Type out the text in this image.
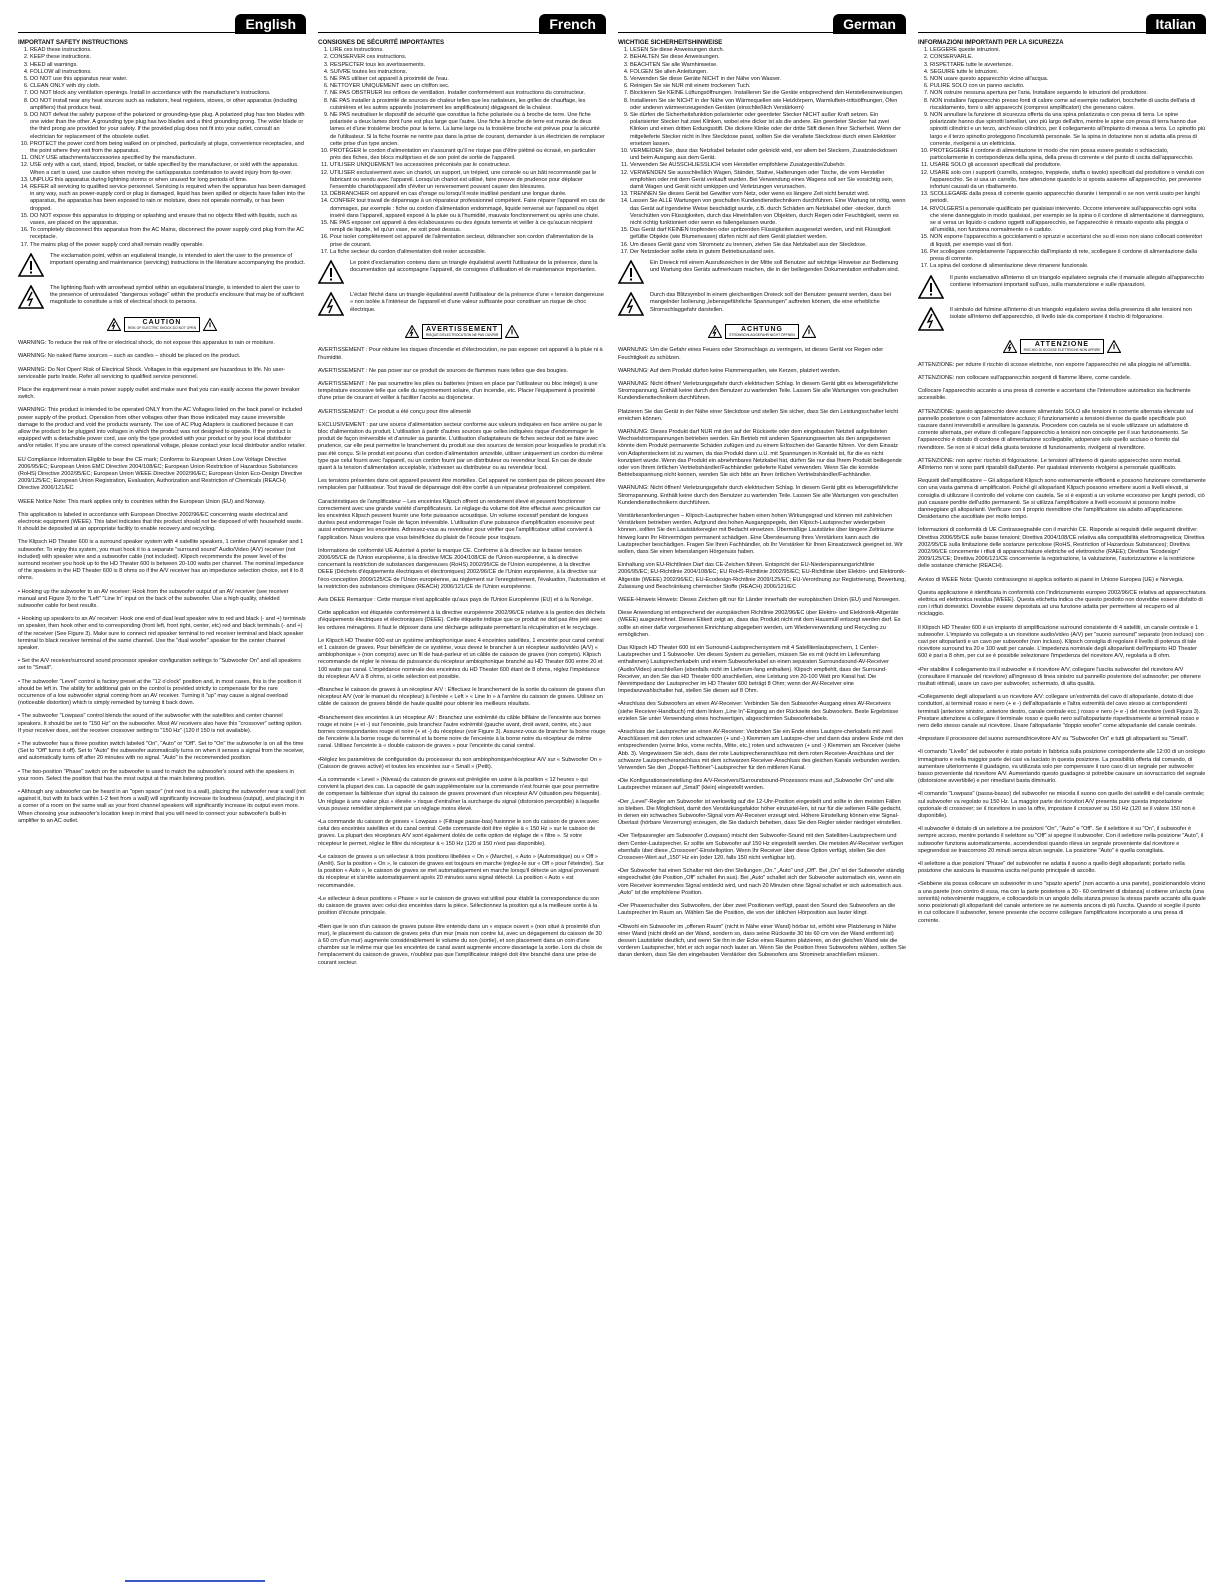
English
IMPORTANT SAFETY INSTRUCTIONS
1. READ these instructions.
2. KEEP these instructions.
3. HEED all warnings.
4. FOLLOW all instructions.
5. DO NOT use this apparatus near water.
6. CLEAN ONLY with dry cloth.
7. DO NOT block any ventilation openings. Install in accordance with the manufacturer's instructions.
8. DO NOT install near any heat sources such as radiators, heat registers, stoves, or other apparatus (including amplifiers) that produce heat.
9. DO NOT defeat the safety purpose of the polarized or grounding-type plug. A polarized plug has two blades with one wider than the other. A grounding type plug has two blades and a third grounding prong. The wider blade or the third prong are provided for your safety. If the provided plug does not fit into your outlet, consult an electrician for replacement of the obsolete outlet.
10. PROTECT the power cord from being walked on or pinched, particularly at plugs, convenience receptacles, and the point where they exit from the apparatus.
11. ONLY USE attachments/accessories specified by the manufacturer.
12. USE only with a cart, stand, tripod, bracket, or table specified by the manufacturer, or sold with the apparatus. When a cart is used, use caution when moving the cart/apparatus combination to avoid injury from tip-over.
13. UNPLUG this apparatus during lightning storms or when unused for long periods of time.
14. REFER all servicing to qualified service personnel. Servicing is required when the apparatus has been damaged in any way, such as power-supply cord or plug is damaged, liquid has been spilled or objects have fallen into the apparatus, the apparatus has been exposed to rain or moisture, does not operate normally, or has been dropped.
15. DO NOT expose this apparatus to dripping or splashing and ensure that no objects filled with liquids, such as vases, are placed on the apparatus.
16. To completely disconnect this apparatus from the AC Mains, disconnect the power supply cord plug from the AC receptacle.
17. The mains plug of the power supply cord shall remain readily operable.
The exclamation point, within an equilateral triangle, is intended to alert the user to the presence of important operating and maintenance (servicing) instructions in the literature accompanying the product.
The lightning flash with arrowhead symbol within an equilateral triangle, is intended to alert the user to the presence of uninsulated "dangerous voltage" within the product's enclosure that may be of sufficient magnitude to constitute a risk of electrical shock to persons.
CAUTION
RISK OF ELECTRIC SHOCK DO NOT OPEN
WARNING: To reduce the risk of fire or electrical shock, do not expose this apparatus to rain or moisture.
WARNING: No naked flame sources – such as candles – should be placed on the product.
WARNING: Do Not Open! Risk of Electrical Shock. Voltages in this equipment are hazardous to life. No user-serviceable parts inside. Refer all servicing to qualified service personnel.
Place the equipment near a main power supply outlet and make sure that you can easily access the power breaker switch.
WARNING: This product is intended to be operated ONLY from the AC Voltages listed on the back panel or included power supply of the product. Operation from other voltages other than those indicated may cause irreversible damage to the product and void the products warranty. The use of AC Plug Adapters is cautioned because it can allow the product to be plugged into voltages in which the product was not designed to operate. If the product is equipped with a detachable power cord, use only the type provided with your product or by your local distributor and/or retailer. If you are unsure of the correct operational voltage, please contact your local distributor and/or retailer.
EU Compliance Information Eligible to bear the CE mark; Conforms to European Union Low Voltage Directive 2006/95/EC; European Union EMC Directive 2004/108/EC; European Union Restriction of Hazardous Substances (RoHS) Directive 2002/95/EC; European Union WEEE Directive 2002/96/EC; European Union Eco-Design Directive 2009/125/EC; European Union Registration, Evaluation, Authorization and Restriction of Chemicals (REACH) Directive 2006/121/EC
WEEE Notice Note: This mark applies only to countries within the European Union (EU) and Norway.
This application is labeled in accordance with European Directive 2002/96/EC concerning waste electrical and electronic equipment (WEEE). This label indicates that this product should not be disposed of with household waste. It should be deposited at an appropriate facility to enable recovery and recycling.
The Klipsch HD Theater 600 is a surround speaker system with 4 satellite speakers, 1 center channel speaker and 1 subwoofer. To enjoy this system, you must hook it to a separate "surround sound" Audio/Video (A/V) receiver (not included) with speaker wire and a subwoofer cable (not included). Klipsch recommends the power level of the surround receiver you hook up to the HD Theater 600 is between 20-100 watts per channel. The nominal impedance of the speakers in the HD Theater 600 is 8 ohms so if the A/V receiver has an impedance selection choice, set it to 8 ohms.
• Hooking up the subwoofer to an AV receiver: Hook from the subwoofer output of an AV receiver (see receiver manual and Figure 3) to the "Left" "Line In" input on the back of the subwoofer. Use a high quality, shielded subwoofer cable for best results.
• Hooking up speakers to an AV receiver: Hook one end of dual lead speaker wire to red and black (- and +) terminals on speaker, then hook other end to corresponding (front left, front right, center, etc) red and black terminals (- and +) of the receiver (See Figure 3). Make sure to connect red speaker terminal to red receiver terminal and black speaker terminal to black receiver terminal of the same channel. Use the "dual woofer" speaker for the center channel speaker.
• Set the A/V receiver/surround sound processor speaker configuration settings to "Subwoofer On" and all speakers set to "Small".
• The subwoofer "Level" control is factory preset at the "12 o'clock" position and, in most cases, this is the position it should be left in. The ability for additional gain on the control is provided strictly to compensate for the rare occurrence of a low subwoofer signal coming from an AV receiver. Turning it "up" may cause a signal overload (noticeable distortion) which is simply remedied by turning it back down.
• The subwoofer "Lowpass" control blends the sound of the subwoofer with the satellites and center channel speakers. It should be set to "150 Hz" on the subwoofer. Most AV receivers also have this "crossover" setting option. If your receiver does, set the receiver crossover setting to "150 Hz" (120 if 150 is not available).
• The subwoofer has a three position switch labeled "On", "Auto" or "Off". Set to "On" the subwoofer is on all the time (Set to "Off" turns it off). Set to "Auto" the subwoofer automatically turns on when it senses a signal from the receiver, and automatically turns off after 20 minutes with no signal. "Auto" is the recommended position.
• The two-position "Phase" switch on the subwoofer is used to match the subwoofer's sound with the speakers in your room. Select the position that has the most output at the main listening position.
• Although any subwoofer can be heard in an "open space" (not next to a wall), placing the subwoofer near a wall (not against it, but with its back within 1-2 feet from a wall) will significantly increase its loudness (output), and placing it in a corner of a room on the same wall as your front channel speakers will significantly increase its output even more. When choosing your subwoofer's location keep in mind that you will need to connect your subwoofer's built-in amplifier to an AC outlet.
French
CONSIGNES DE SÉCURITÉ IMPORTANTES
1. LIRE ces instructions.
2. CONSERVER ces instructions.
3. RESPECTER tous les avertissements.
4. SUIVRE toutes les instructions.
5. NE PAS utiliser cet appareil à proximité de l'eau.
6. NETTOYER UNIQUEMENT avec un chiffon sec.
7. NE PAS OBSTRUER les orifices de ventilation. Installer conformément aux instructions du constructeur.
8. NE PAS installer à proximité de sources de chaleur telles que les radiateurs, les grilles de chauffage, les cuisinières et les autres appareils (notamment les amplificateurs) dégageant de la chaleur.
9. NE PAS neutraliser le dispositif de sécurité que constitue la fiche polarisée ou à broche de terre. Une fiche polarisée a deux lames dont l'une est plus large que l'autre. Une fiche à broche de terre est munie de deux lames et d'une troisième broche pour la terre. La lame large ou la troisième broche est prévue pour la sécurité de l'utilisateur. Si la fiche fournie ne rentre pas dans la prise de courant, demander à un électricien de remplacer cette prise d'un type ancien.
10. PROTÉGER le cordon d'alimentation en s'assurant qu'il ne risque pas d'être piétiné ou écrasé, en particulier près des fiches, des blocs multiprises et de son point de sortie de l'appareil.
11. UTILISER UNIQUEMENT les accessoires préconisés par le constructeur.
12. UTILISER exclusivement avec un chariot, un support, un trépied, une console ou un bâti recommandé par le fabricant ou vendu avec l'appareil. Lorsqu'un chariot est utilisé, faire preuve de prudence pour déplacer l'ensemble chariot/appareil afin d'éviter un renversement pouvant causer des blessures.
13. DÉBRANCHER cet appareil en cas d'orage ou lorsqu'il reste inutilisé pendant une longue durée.
14. CONFIER tout travail de dépannage à un réparateur professionnel compétent. Faire réparer l'appareil en cas de dommages, par exemple : fiche ou cordon d'alimentation endommagé, liquide renversé sur l'appareil ou objet inséré dans l'appareil, appareil exposé à la pluie ou à l'humidité, mauvais fonctionnement ou après une chute.
15. NE PAS exposer cet appareil à des éclaboussures ou des égouts tements et veiller à ce qu'aucun récipient rempli de liquide, tel qu'un vase, ne soit posé dessus.
16. Pour isoler complètement cet appareil de l'alimentation secteur, débrancher son cordon d'alimentation de la prise de courant.
17. La fiche secteur du cordon d'alimentation doit rester accessible.
Le point d'exclamation contenu dans un triangle équilatéral avertit l'utilisateur de la présence, dans la documentation qui accompagne l'appareil, de consignes d'utilisation et de maintenance importantes.
L'éclair fléché dans un triangle équilatéral avertit l'utilisateur de la présence d'une « tension dangereuse » non isolée à l'intérieur de l'appareil et d'une valeur suffisante pour constituer un risque de choc électrique.
AVERTISSEMENT
RISQUE D'ÉLECTROCUTION NE PAS OUVRIR
AVERTISSEMENT : Pour réduire les risques d'incendie et d'électrocution, ne pas exposer cet appareil à la pluie ni à l'humidité.
AVERTISSEMENT : Ne pas poser sur ce produit de sources de flammes nues telles que des bougies.
AVERTISSEMENT : Ne pas soumettre les piles ou batteries (mises en place par l'utilisateur ou bloc intégré) à une température excessive telle que celle du rayonnement solaire, d'un incendie, etc. Placer l'équipement à proximité d'une prise de courant et veiller à faciliter l'accès au disjoncteur.
AVERTISSEMENT : Ce produit a été conçu pour être alimenté
EXCLUSIVEMENT : par une source d'alimentation secteur conforme aux valeurs indiquées en face arrière ou par le bloc d'alimentation du produit. L'utilisation à partir d'autres sources que celles indiquées risque d'endommager le produit de façon irréversible et d'annuler sa garantie. L'utilisation d'adaptateurs de fiches secteur doit se faire avec prudence, car elle peut permettre le branchement du produit sur des sources de tension pour lesquelles le produit n'a pas été conçu. Si le produit est pourvu d'un cordon d'alimentation amovible, utiliser uniquement un cordon du même type que celui fourni avec l'appareil, ou un cordon fourni par un distributeur ou revendeur local. En cas de doute quant à la tension d'alimentation acceptable, s'adresser au distributeur ou au revendeur local.
Les tensions présentes dans cet appareil peuvent être mortelles. Cet appareil ne contient pas de pièces pouvant être remplacées par l'utilisateur. Tout travail de dépannage doit être confié à un réparateur professionnel compétent.
Caractéristiques de l'amplificateur – Les enceintes Klipsch offrent un rendement élevé et peuvent fonctionner correctement avec une grande variété d'amplificateurs. Le réglage du volume doit être effectué avec précaution car les enceintes Klipsch peuvent fournir une forte puissance acoustique. Un volume excessif pendant de longues durées peut endommager l'ouïe de façon irréversible. L'utilisation d'une puissance d'amplification excessive peut aussi endommager les enceintes. Adressez-vous au revendeur pour vérifier que l'amplificateur utilisé convient à l'application. Nous voulons que vous bénéficiez du plaisir de l'écoute pour toujours.
Informations de conformité UE Autorisé à porter la marque CE. Conforme à la directive sur la basse tension 2006/95/CE de l'Union européenne, à la directive MCE 2004/108/CE de l'Union européenne, à la directive concernant la restriction de substances dangereuses (RoHS) 2002/95/CE de l'Union européenne, à la directive DEEE (Déchets d'équipements électriques et électroniques) 2002/96/CE de l'Union européenne, à la directive sur l'éco-conception 2009/125/CE de l'Union européenne, au règlement sur l'enregistrement, l'évaluation, l'autorisation et la restriction des substances chimiques (REACH) 2006/121/CE de l'Union européenne.
Avis DEEE Remarque : Cette marque n'est applicable qu'aux pays de l'Union Européenne (EU) et à la Norvège.
Cette application est étiquetée conformément à la directive européenne 2002/96/CE relative à la gestion des déchets d'équipements électriques et électroniques (DEEE). Cette étiquette indique que ce produit ne doit pas être jeté avec les ordures ménagères. Il faut le déposer dans une décharge adéquate permettant la récupération et le recyclage.
Le Klipsch HD Theater 600 est un système ambiophonique avec 4 enceintes satellites, 1 enceinte pour canal central et 1 caisson de graves. Pour bénéficier de ce système, vous devez le brancher à un récepteur audio/vidéo (A/V) « ambiophonique » (non compris) avec un fil de haut-parleur et un câble de caisson de graves (non compris). Klipsch recommande de régler le niveau de puissance du récepteur ambiophonique branché au HD Theater 600 entre 20 et 100 watts par canal. L'impédance nominale des enceintes du HD Theater 600 étant de 8 ohms, réglez l'impédance du récepteur A/V à 8 ohms, si cette sélection est possible.
•Branchez le caisson de graves à un récepteur A/V : Effectuez le branchement de la sortie du caisson de graves d'un récepteur A/V (voir le manuel du récepteur) à l'entrée « Left » « Line In » à l'arrière du caisson de graves. Utilisez un câble de caisson de graves blindé de haute qualité pour obtenir les meilleurs résultats.
•Branchement des enceintes à un récepteur AV : Branchez une extrémité du câble bifilaire de l'enceinte aux bornes rouge et noire (+ et -) sur l'enceinte, puis branchez l'autre extrémité (gauche avant, droit avant, centre, etc.) aux bornes correspondantes rouge et noire (+ et -) du récepteur (voir Figure 3). Assurez-vous de brancher la borne rouge de l'enceinte à la borne rouge du terminal et la borne noire de l'enceinte à la borne noire du récepteur de même canal. Utilisez l'enceinte à « double caisson de graves » pour l'enceinte du canal central.
•Réglez les paramètres de configuration du processeur du son ambiophonique/récepteur A/V sur « Subwoofer On » (Caisson de graves activé) et toutes les enceintes sur « Small » (Petit).
•La commande « Level » (Niveau) du caisson de graves est préréglée en usine à la position « 12 heures » qui convient la plupart des cas. La capacité de gain supplémentaire sur la commande n'est fournie que pour permettre de compenser la faiblesse d'un signal du caisson de graves provenant d'un récepteur A/V (situation peu fréquente). Un réglage à une valeur plus « élevée » risque d'entraîner la surcharge du signal (distorsion perceptible) à laquelle vous pouvez remédier simplement par un réglage moins élevé.
•La commande du caisson de graves « Lowpass » (Filtrage passe-bas) fusionne le son du caisson de graves avec celui des enceintes satellites et du canal central. Cette commande doit être réglée à « 150 Hz » sur le caisson de graves. La plupart des récepteurs A/V sont également dotés de cette option de réglage de « filtre ». Si votre récepteur le permet, réglez le filtre du récepteur à « 150 Hz (120 si 150 n'est pas disponible).
•Le caisson de graves a un sélecteur à trois positions libellées « On » (Marche), « Auto » (Automatique) ou « Off » (Arrêt). Sur la position « On », le caisson de graves est toujours en marche (réglez-le sur « Off » pour l'éteindre). Sur la position « Auto », le caisson de graves se met automatiquement en marche lorsqu'il détecte un signal provenant du récepteur et s'arrête automatiquement après 20 minutes sans signal détecté. La position « Auto » est recommandée.
•Le sélecteur à deux positions « Phase » sur le caisson de graves est utilisé pour établir la correspondance du son du caisson de graves avec celui des enceintes dans la pièce. Sélectionnez la position qui a la meilleure sortie à la position d'écoute principale.
•Bien que le son d'un caisson de graves puisse être entendu dans un « espace ouvert » (non situé à proximité d'un mur), le placement du caisson de graves près d'un mur (mais non contre lui, avec un dégagement du caisson de 30 à 60 cm d'un mur) augmente considérablement le volume du son (sortie), et son placement dans un coin d'une chambre sur le même mur que les enceintes de canal avant augmente encore davantage la sortie. Lors du choix de l'emplacement du caisson de graves, n'oubliez pas que l'amplificateur intégré doit être branché dans une prise de courant secteur.
German
WICHTIGE SICHERHEITSHINWEISE
1. LESEN Sie diese Anweisungen durch.
2. BEHALTEN Sie diese Anweisungen.
3. BEACHTEN Sie alle Warnhinweise.
4. FOLGEN Sie allen Anleitungen.
5. Verwenden Sie diese Geräte NICHT in der Nähe von Wasser.
6. Reinigen Sie sie NUR mit einem trockenen Tuch.
7. Blockieren Sie KEINE Lüftungsöffnungen. Installieren Sie die Geräte entsprechend den Herstelleranweisungen.
8. Installieren Sie sie NICHT in der Nähe von Wärmequellen wie Heizkörpern, Warmluftein-trittsöffnungen, Öfen oder anderen wärmeerzeugenden Geräten (einschließlich Verstärkern)
9. Sie dürfen die Sicherheitsfunktion polarisierter oder geerdeter Stecker NICHT außer Kraft setzen. Ein polarisierter Stecker hat zwei Klinken, wobei eine dicker ist als die andere. Ein geerdeter Stecker hat zwei Klinken und einen dritten Erdungsstift. Die dickere Klinke oder der dritte Stift dienen Ihrer Sicherheit. Wenn der mitgelieferte Stecker nicht in Ihre Steckdose passt, sollten Sie die veraltete Steckdose durch einen Elektriker ersetzen lassen.
10. VERMEIDEN Sie, dass das Netzkabel belastet oder geknickt wird, vor allem bei Steckern, Zusatzsteckdosen und beim Ausgang aus dem Gerät.
11. Verwenden Sie AUSSCHLIESSLICH vom Hersteller empfohlene Zusatzgeräte/Zubehör.
12. VERWENDEN Sie ausschließlich Wagen, Ständer, Stative, Halterungen oder Tische, die vom Hersteller empfohlen oder mit dem Gerät verkauft wurden. Bei Verwendung eines Wagens soll ser Sie vorsichtig sein, damit Wagen und Gerät nicht umkippen und Verletzungen verursachen.
13. TRENNEN Sie dieses Gerät bei Gewitter vom Netz, oder wenn es längere Zeit nicht benutzt wird.
14. Lassen Sie ALLE Wartungen von geschulten Kundendiensttechnikern durchführen. Eine Wartung ist nötig, wenn das Gerät auf irgendeine Weise beschädigt wurde, z.B. durch Schäden am Netzkabel oder -stecker, durch Verschütten von Flüssigkeiten, durch das Hineinfallen von Objekten, durch Regen oder Feuchtigkeit, wenn es nicht richtig funktioniert oder wenn es fallengelassen wurde.
15. Das Gerät darf KEINEN tropfenden oder spritzenden Flüssigkeiten ausgesetzt werden, und mit Flüssigkeit gefüllte Objekte (wie Blumenvasen) dürfen nicht auf dem Gerät platziert werden.
16. Um dieses Gerät ganz vom Stromnetz zu trennen, ziehen Sie das Netzkabel aus der Steckdose.
17. Der Netzstecker sollte stets in gutem Betriebszustand sein.
Ein Dreieck mit einem Ausrufezeichen in der Mitte soll Benutzer auf wichtige Hinweise zur Bedienung und Wartung des Geräts aufmerksam machen, die in der beiliegenden Dokumentation enthalten sind.
Durch das Blitzsymbol in einem gleichseitigen Dreieck soll der Benutzer gewarnt werden, dass bei mangelnder Isolierung „lebensgefährliche Spannungen" auftreten können, die eine erhebliche Stromschlaggefahr darstellen.
ACHTUNG
STROMSCHLAGGEFAHR NICHT ÖFFNEN
WARNUNG: Um die Gefahr eines Feuers oder Stromschlags zu verringern, ist dieses Gerät vor Regen oder Feuchtigkeit zu schützen.
WARNUNG: Auf dem Produkt dürfen keine Flammenquellen, wie Kerzen, platziert werden.
WARNUNG: Nicht öffnen! Verletzungsgefahr durch elektrischen Schlag. In diesem Gerät gibt es lebensgefährliche Stromspannung. Enthält keine durch den Benutzer zu wartenden Teile. Lassen Sie alle Wartungen von geschulten Kundendiensttechnikern durchführen.
Platzieren Sie das Gerät in der Nähe einer Steckdose und stellen Sie sicher, dass Sie den Leistungsschalter leicht erreichen können.
WARNUNG: Dieses Produkt darf NUR mit den auf der Rückseite oder dem eingebauten Netzteil aufgelisteten Wechselstromspannungen betrieben werden. Ein Betrieb mit anderen Spannungswerten als den angegebenen könnte dem Produkt permanente Schäden zufügen und zu einem Erlöschen der Garantie führen. Vor dem Einsatz von Adaptersteckern ist zu warnen, da das Produkt dann u.U. mit Spannungen in Kontakt ist, für die es nicht konzipiert wurde. Wenn das Produkt ein abnehmbares Netzkabel hat, dürfen Sie nur das Ihrem Produkt beiliegende oder von Ihrem örtlichen Vertriebshändler/Fachhändler gelieferte Kabel verwenden. Wenn Sie die korrekte Betriebsspannung nicht kennen, wenden Sie sich bitte an Ihren örtlichen Vertriebshändler/Fachhändler.
WARNUNG: Nicht öffnen! Verletzungsgefahr durch elektrischen Schlag. In diesem Gerät gibt es lebensgefährliche Stromspannung. Enthält keine durch den Benutzer zu wartenden Teile. Lassen Sie alle Wartungen von geschulten Kundendiensttechnikern durchführen.
Verstärkeranforderungen – Klipsch-Lautsprecher haben einen hohen Wirkungsgrad und können mit zahlreichen Verstärkern betrieben werden. Aufgrund des hohen Ausgangspegels, den Klipsch-Lautsprecher wiedergeben können, sollten Sie den Lautstärkeregler mit Bedacht einsetzen. Übermäßige Lautstärke über längere Zeiträume hinweg kann Ihr Hörvermögen permanent schädigen. Eine Übersteuerung Ihres Verstärkers kann auch die Lautsprecher beschädigen. Fragen Sie Ihren Fachhändler, ob Ihr Verstärker für Ihren Einsatzzweck geeignet ist. Wir wollen, dass Sie einen lebenslangen Hörgenuss haben.
Einhaltung von EU-Richtlinien Darf das CE-Zeichen führen. Entspricht der EU-Niederspannungsrichtlinie 2006/95/EC; EU-Richtlinie 2004/108/EC; EU RoHS-Richtlinie 2002/95/EC; EU-Richtlinie über Elektro- und Elektronik-Altgeräte (WEEE) 2002/96/EC; EU-Ecodesign-Richtlinie 2009/125/EC; EU-Verordnung zur Registrierung, Bewertung, Zulassung und Beschränkung chemischer Stoffe (REACH) 2006/121/EC
WEEE-Hinweis Hinweis: Dieses Zeichen gilt nur für Länder innerhalb der europäischen Union (EU) und Norwegen.
Diese Anwendung ist entsprechend der europäischen Richtlinie 2002/96/EC über Elektro- und Elektronik-Altgeräte (WEEE) ausgezeichnet. Dieses Etikett zeigt an, dass das Produkt nicht mit dem Hausmüll entsorgt werden darf. Es sollte an einer dafür vorgesehenen Einrichtung abgegeben werden, um Wiederverwendung und Recycling zu ermöglichen.
Das Klipsch HD Theater 600 ist ein Surround-Lautsprechersystem mit 4 Satellitenlautsprechern, 1 Center-Lautsprecher und 1 Subwoofer. Um dieses System zu genießen, müssen Sie es mit (nicht im Lieferumfang enthaltenen) Lautsprecherkabeln und einem Subwooferkabel an einen separaten Surroundsound-AV-Receiver (Audio/Video) anschließen (ebenfalls nicht im Lieferum-fang enthalten). Klipsch empfiehlt, dass der Surround-Receiver, an den Sie das HD Theater 600 anschließen, eine Leistung von 20-100 Watt pro Kanal hat. Die Nennimpedanz der Lautsprecher im HD Theater 600 beträgt 8 Ohm; wenn der AV-Receiver eine Impedanzwahlschalter hat, stellen Sie diesen auf 8 Ohm.
•Anschluss des Subwoofers an einen AV-Receiver: Verbinden Sie den Subwoofer-Ausgang eines AV-Receivers (siehe Receiver-Handbuch) mit dem linken „Line In"-Eingang an der Rückseite des Subwoofers. Beste Ergebnisse erzielen Sie unter Verwendung eines hochwertigen, abgeschirmten Subwooferkabels.
•Anschluss der Lautsprecher an einen AV-Receiver: Verbinden Sie ein Ende eines Lautspre-cherkabels mit zwei Anschlüssen mit den roten und schwarzen (+ und -) Klemmen am Lautspre-cher und dann das andere Ende mit den entsprechenden (vorne links, vorne rechts, Mitte, etc.) roten und schwarzen (+ und -) Klemmen am Receiver (siehe Abb. 3). Vergewissern Sie sich, dass der rote Lautsprecheranschluss mit dem roten Receiver-Anschluss und der schwarze Lautsprecheranschluss mit dem schwarzen Receiver-Anschluss des gleichen Kanals verbunden werden. Verwenden Sie den „Doppel-Tieftöner"-Lautsprecher für den mittleren Kanal.
•Die Konfigurationseinstellung des A/V-Receivers/Surroundsound-Prozessors muss auf „Subwoofer On" und alle Lautsprecher müssen auf „Small" (klein) eingestellt werden.
•Der „Level"-Regler am Subwoofer ist werkseitig auf die 12-Uhr-Position eingestellt und sollte in den meisten Fällen so bleiben. Die Möglichkeit, damit den Verstärkungsfaktor höher einzustel-len, ist nur für die seltenen Fälle gedacht, in denen ein schwaches Subwoofer-Signal vom AV-Receiver erzeugt wird. Höhere Einstellung können eine Signal-Überlast (hörbare Verzerrung) erzeugen, die Sie dadurch beheben, dass Sie den Regler wieder niedriger einstellen.
•Der Tiefpassregler am Subwoofer (Lowpass) mischt den Subwoofer-Sound mit den Satelliten-Lautsprechern und dem Center-Lautsprecher. Er sollte am Subwoofer auf 150 Hz eingestellt werden. Die meisten AV-Receiver verfügen ebenfalls über diese „Crossover"-Einstelloption. Wenn Ihr Receiver über diese Option verfügt, stellen Sie den Crossover-Wert auf „150" Hz ein (oder 120, falls 150 nicht verfügbar ist).
•Der Subwoofer hat einen Schalter mit den drei Stellungen „On." „Auto" und „Off". Bei „On" ist der Subwoofer ständig eingeschaltet (die Position „Off" schaltet ihn aus). Bei „Auto" schaltet sich der Subwoofer automatisch ein, wenn ein vom Receiver kommendes Signal entdeckt wird, und nach 20 Minuten ohne Signal schaltet er sich automatisch aus. „Auto" ist die empfohlene Position.
•Der Phasenschalter des Subwoofers, der über zwei Positionen verfügt, passt den Sound des Subwoofers an die Lautsprecher im Raum an. Wählen Sie die Position, die von der üblichen Hörposition aus lauter klingt.
•Obwohl ein Subwoofer im „offenen Raum" (nicht in Nähe einer Wand) hörbar ist, erhöht eine Platzierung in Nähe einer Wand (nicht direkt an der Wand, sondern so, dass seine Rückseite 30 bis 60 cm von der Wand entfernt ist) dessen Lautstärke deutlich, und wenn Sie ihn in der Ecke eines Raumes platzieren, an der gleichen Wand wie die vorderen Lautsprecher, hört er sich sogar noch lauter an. Wenn Sie die Position Ihres Subwoofers wählen, sollten Sie daran denken, dass Sie den eingebauten Verstärker des Subwoofers ans Stromnetz anschließen müssen.
Italian
INFORMAZIONI IMPORTANTI PER LA SICUREZZA
1. LEGGERE queste istruzioni.
2. CONSERVARLE.
3. RISPETTARE tutte le avvertenze.
4. SEGUIRE tutte le istruzioni.
5. NON usare questo apparecchio vicino all'acqua.
6. PULIRE SOLO con un panno asciutto.
7. NON ostruire nessuna apertura per l'aria. Installare seguendo le istruzioni del produttore.
8. NON installare l'apparecchio presso fonti di calore come ad esempio radiatori, bocchette di uscita dell'aria di riscaldamento, forni o altri apparecchi (compresi amplificatori) che generano calore.
9. NON annullare la funzione di sicurezza offerta da una spina polarizzata o con presa di terra. Le spine polarizzate hanno due spinotti lamellari, uno più largo dell'altro, mentre le spine con presa di terra hanno due spinotti cilindrici e un terzo, anch'esso cilindrico, per il collegamento all'impianto di messa a terra. Lo spinotto più largo e il terzo spinotto proteggono l'incolumità personale. Se la spina in dotazione non si adatta alla presa di corrente, rivolgersi a un elettricista.
10. PROTEGGERE il cordone di alimentazione in modo che non possa essere pestato o schiacciato, particolarmente in corrispondenza della spina, della presa di corrente e del punto di uscita dall'apparecchio.
11. USARE SOLO gli accessori specificati dal produttore.
12. USARE solo con i supporti (carrello, sostegno, treppiede, staffa o tavolo) specificati dal produttore o venduti con l'apparecchio. Se si usa un carrello, fare attenzione quando lo si sposta assieme all'apparecchio, per prevenire infortuni causati da un ribaltamento.
13. SCOLLEGARE dalla presa di corrente questo apparecchio durante i temporali o se non verrà usato per lunghi periodi.
14. RIVOLGERSI a personale qualificato per qualsiasi intervento. Occorre intervenire sull'apparecchio ogni volta che viene danneggiato in modo qualsiasi, per esempio se la spina o il cordone di alimentazione si danneggiano, se si versa un liquido o cadono oggetti sull'apparecchio, se l'apparecchio è rimasto esposto alla pioggia o all'umidità, non funziona normalmente o è caduto.
15. NON esporre l'apparecchio a gocciolamenti o spruzzi e accertarsi che su di esso non siano collocati contenitori di liquidi, per esempio vasi di fiori.
16. Per scollegare completamente l'apparecchio dall'impianto di rete, scollegare il cordone di alimentazione dalla presa di corrente.
17. La spina del cordone di alimentazione deve rimanere funzionale.
Il punto esclamativo all'interno di un triangolo equilatero segnala che il manuale allegato all'apparecchio contiene informazioni importanti sull'uso, sulla manutenzione e sulle riparazioni.
Il simbolo del fulmine all'interno di un triangolo equilatero avvisa della presenza di alte tensioni non isolate all'interno dell'apparecchio, di livello tale da comportare il rischio di folgorazione.
ATTENZIONE
RISCHIO DI SCOSSE ELETTRICHE NON APRIRE
ATTENZIONE: per ridurre il rischio di scosse elettriche, non esporre l'apparecchio né alla pioggia né all'umidità.
ATTENZIONE: non collocare sull'apparecchio sorgenti di fiamme libere, come candele.
Collocare l'apparecchio accanto a una presa di corrente e accertarsi che l'interruttore automatico sia facilmente accessibile.
ATTENZIONE: questo apparecchio deve essere alimentato SOLO alle tensioni in corrente alternata elencate sul pannello posteriore o con l'alimentatore accluso; il funzionamento a tensioni diverse da quelle specificate può causare danni irreversibili e annullare la garanzia. Procedere con cautela se si vuole utilizzare un adattatore di corrente alternata, per evitare di collegare l'apparecchio a tensioni non concepite per il suo funzionamento. Se l'apparecchio è dotato di cordone di alimentazione scollegabile, adoperare solo quello accluso o fornito dal rivenditore. Se non si è sicuri della giusta tensione di funzionamento, rivolgersi al rivenditore.
ATTENZIONE: non aprire: rischio di folgorazione. Le tensioni all'interno di questo apparecchio sono mortali. All'interno non vi sono parti riparabili dall'utente. Per qualsiasi intervento rivolgersi a personale qualificato.
Requisiti dell'amplificatore – Gli altoparlanti Klipsch sono estremamente efficienti e possono funzionare correttamente con una vasta gamma di amplificatori. Poiché gli altoparlanti Klipsch possono emettere suoni a livelli elevati, si consiglia di utilizzare il controllo del volume con cautela. Se si è esposti a un volume eccessivo per lunghi periodi, ciò può causare perdite dell'udito permanenti. Se si utilizza l'amplificatore a livelli eccessivi si possono inoltre danneggiare gli altoparlanti. Verificare con il proprio rivenditore che l'amplificatore sia adatto all'applicazione. Desideriamo che ascoltiate per molto tempo.
Informazioni di conformità di UE Contrassegnabile con il marchio CE. Risponde ai requisiti delle seguenti direttive: Direttiva 2006/95/CE sulle basse tensioni; Direttiva 2004/108/CE relativa alla compatibilità elettromagnetica; Direttiva 2002/95/CE sulla limitazione delle sostanze pericolose (RoHS, Restriction of Hazardous Substances); Direttiva 2002/96/CE concernente i rifiuti di apparecchiature elettriche ed elettroniche (RAEE); Direttiva "Ecodesign" 2009/125/CE; Direttiva 2006/121/CE concernente la registrazione, la valutazione, l'autorizzazione e la restrizione delle sostanze chimiche (REACH).
Avviso di WEEE Nota: Questo contrassegno si applica soltanto ai paesi in Unione Europea (UE) e Norvegia.
Questa applicazione è identificata in conformità con l'indirizzamento europeo 2002/96/CE relativa ad apparecchiatura elettrica ed elettronica residua (WEEE). Questa etichetta indica che questo prodotto non dovrebbe essere disfatto di con i rifiuti domestici. Dovrebbe essere depositata ad una funzione adatta per permettere al recupero ed al riciclaggio.
Il Klipsch HD Theater 600 è un impianto di amplificazione surround consistente di 4 satelliti, un canale centrale e 1 subwoofer. L'impianto va collegato a un ricevitore audio/video (A/V) per "suono surround" separato (non incluso) con cavi per altoparlanti e un cavo per subwoofer (non incluso). Klipsch consiglia di regolare il livello di potenza di tale ricevitore surround tra 20 e 100 watt per canale. L'impedenza nominale degli altoparlanti dell'impianto HD Theater 600 è pari a 8 ohm, per cui se è possibile selezionare l'impedenza del ricevitore A/V, regolarla a 8 ohm.
•Per stabilire il collegamento tra il subwoofer e il ricevitore A/V, collegare l'uscita subwoofer del ricevitore A/V (consultare il manuale del ricevitore) all'ingresso di linea sinistro sul pannello posteriore del subwoofer; per ottenere risultati ottimali, usare un cavo per subwoofer, schermato, di alta qualità.
•Collegamento degli altoparlanti a un ricevitore A/V: collegare un'estremità del cavo di altoparlante, dotato di due conduttori, ai terminali rosso e nero (+ e -) dell'altoparlante e l'altra estremità del cavo stesso ai corrispondenti terminali (anteriore sinistro, anteriore destro, canale centrale ecc.) rosso e nero (+ e -) del ricevitore (vedi Figura 3). Prestare attenzione a collegare il terminale rosso e quello nero sull'altoparlante rispettivamente ai terminali rosso e nero dello stesso canale sul ricevitore. Usare l'altoparlante "doppio woofer" come altoparlante del canale centrale.
•Impostare il processore del suono surround/ricevitore A/V su "Subwoofer On" e tutti gli altoparlanti su "Small".
•Il comando "Livello" del subwoofer è stato portato in fabbrica sulla posizione corrispondente alle 12:00 di un orologio immaginario e nella maggior parte dei casi va lasciato in questa posizione. La possibilità offerta dal comando, di aumentare ulteriormente il guadagno, va utilizzata solo per compensare il raro caso di un segnale per subwoofer basso proveniente dal ricevitore A/V. Aumentando questo guadagno si potrebbe causare un sovraccarico del segnale (distorsione avvertibile) e per rimediarvi basta diminuirlo.
•Il comando "Lowpass" (passa-basso) del subwoofer ne miscela il suono con quello dei satelliti e del canale centrale; sul subwoofer va regolato su 150 Hz. La maggior parte dei ricevitori A/V presenta pure questa impostazione opzionale di crossover; se il ricevitore in uso la offre, impostare il crossover su 150 Hz (120 se il valore 150 non è disponibile).
•Il subwoofer è dotato di un selettore a tre posizioni "On", "Auto" e "Off". Se il selettore è su "On", il subwoofer è sempre acceso, mentre portando il selettore su "Off" si spegne il subwoofer. Con il selettore nella posizione "Auto", il subwoofer funziona automaticamente, accendendosi quando rileva un segnale proveniente dal ricevitore e spegnendosi se trascorrono 20 minuti senza alcun segnale. La posizione "Auto" è quella consigliata.
•Il selettore a due posizioni "Phase" del subwoofer ne adatta il suono a quello degli altoparlanti; portarlo nella posizione che assicura la massima uscita nel punto principale di ascolto.
•Sebbene sia possa collocare un subwoofer in uno "spazio aperto" (non accanto a una parete), posizionandolo vicino a una parete (non contro di essa, ma con la parte posteriore a 30 - 60 centimetri di distanza) si ottiene un'uscita (una sonorità) notevolmente maggiore, e collocandolo in un angolo della stanza presso la stessa parete accanto alla quale sono posizionati gli altoparlanti del canale anteriore se ne aumenta ancora di più l'uscita. Quando si sceglie il punto in cui collocare il subwoofer, tenere presente che occorre collegare l'amplificatore incorporato a una presa di corrente.
